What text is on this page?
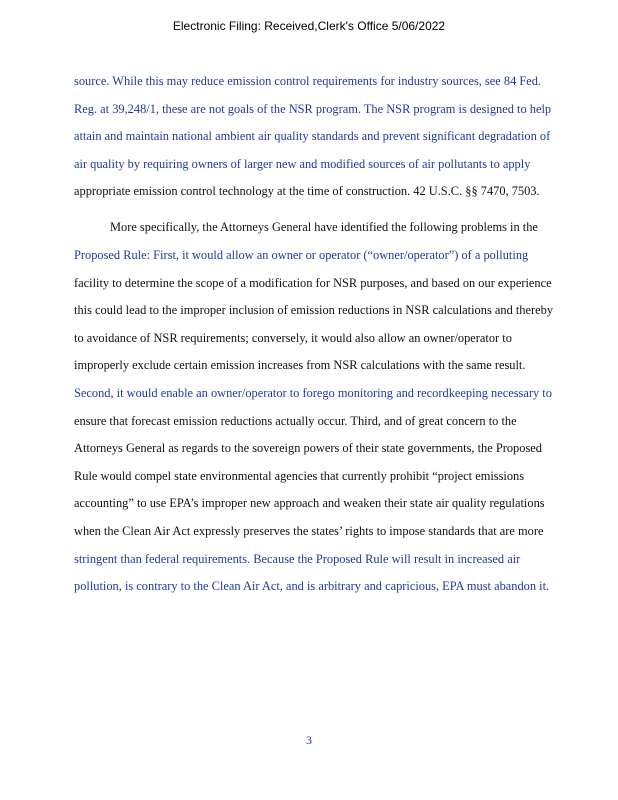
Electronic Filing: Received,Clerk's Office 5/06/2022
source. While this may reduce emission control requirements for industry sources, see 84 Fed.
Reg. at 39,248/1, these are not goals of the NSR program. The NSR program is designed to help
attain and maintain national ambient air quality standards and prevent significant degradation of
air quality by requiring owners of larger new and modified sources of air pollutants to apply
appropriate emission control technology at the time of construction. 42 U.S.C. §§ 7470, 7503.
More specifically, the Attorneys General have identified the following problems in the
Proposed Rule: First, it would allow an owner or operator (“owner/operator”) of a polluting
facility to determine the scope of a modification for NSR purposes, and based on our experience
this could lead to the improper inclusion of emission reductions in NSR calculations and thereby
to avoidance of NSR requirements; conversely, it would also allow an owner/operator to
improperly exclude certain emission increases from NSR calculations with the same result.
Second, it would enable an owner/operator to forego monitoring and recordkeeping necessary to
ensure that forecast emission reductions actually occur. Third, and of great concern to the
Attorneys General as regards to the sovereign powers of their state governments, the Proposed
Rule would compel state environmental agencies that currently prohibit “project emissions
accounting” to use EPA’s improper new approach and weaken their state air quality regulations
when the Clean Air Act expressly preserves the states’ rights to impose standards that are more
stringent than federal requirements. Because the Proposed Rule will result in increased air
pollution, is contrary to the Clean Air Act, and is arbitrary and capricious, EPA must abandon it.
3
